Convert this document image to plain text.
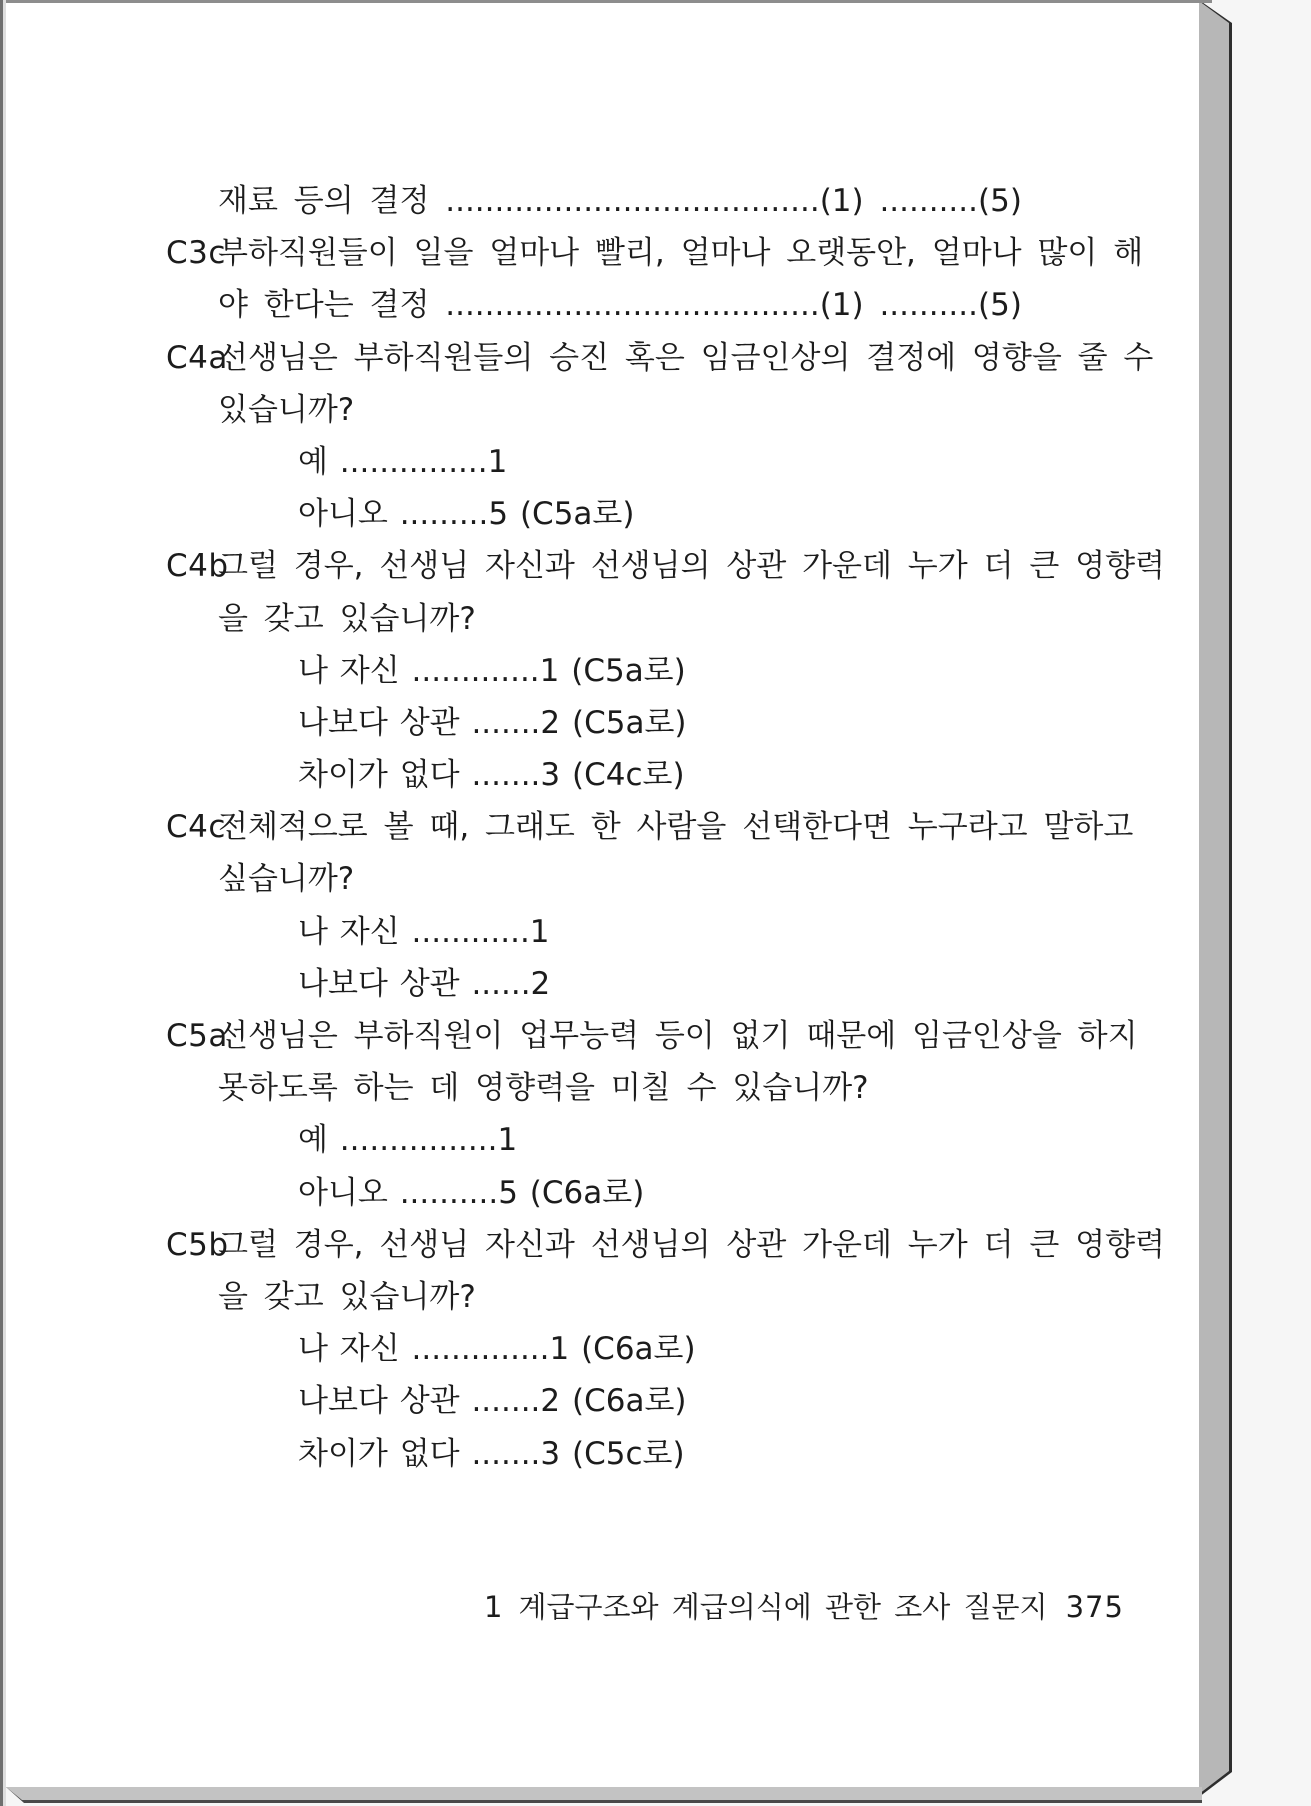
재료 등의 결정 ......................................(1) ..........(5)
C3c
부하직원들이 일을 얼마나 빨리, 얼마나 오랫동안, 얼마나 많이 해
야 한다는 결정 ......................................(1) ..........(5)
C4a
선생님은 부하직원들의 승진 혹은 임금인상의 결정에 영향을 줄 수
있습니까?
예 ...............1
아니오 .........5 (C5a로)
C4b
그럴 경우, 선생님 자신과 선생님의 상관 가운데 누가 더 큰 영향력
을 갖고 있습니까?
나 자신 .............1 (C5a로)
나보다 상관 .......2 (C5a로)
차이가 없다 .......3 (C4c로)
C4c
전체적으로 볼 때, 그래도 한 사람을 선택한다면 누구라고 말하고
싶습니까?
나 자신 ............1
나보다 상관 ......2
C5a
선생님은 부하직원이 업무능력 등이 없기 때문에 임금인상을 하지
못하도록 하는 데 영향력을 미칠 수 있습니까?
예 ................1
아니오 ..........5 (C6a로)
C5b
그럴 경우, 선생님 자신과 선생님의 상관 가운데 누가 더 큰 영향력
을 갖고 있습니까?
나 자신 ..............1 (C6a로)
나보다 상관 .......2 (C6a로)
차이가 없다 .......3 (C5c로)
1 계급구조와 계급의식에 관한 조사 질문지 375
